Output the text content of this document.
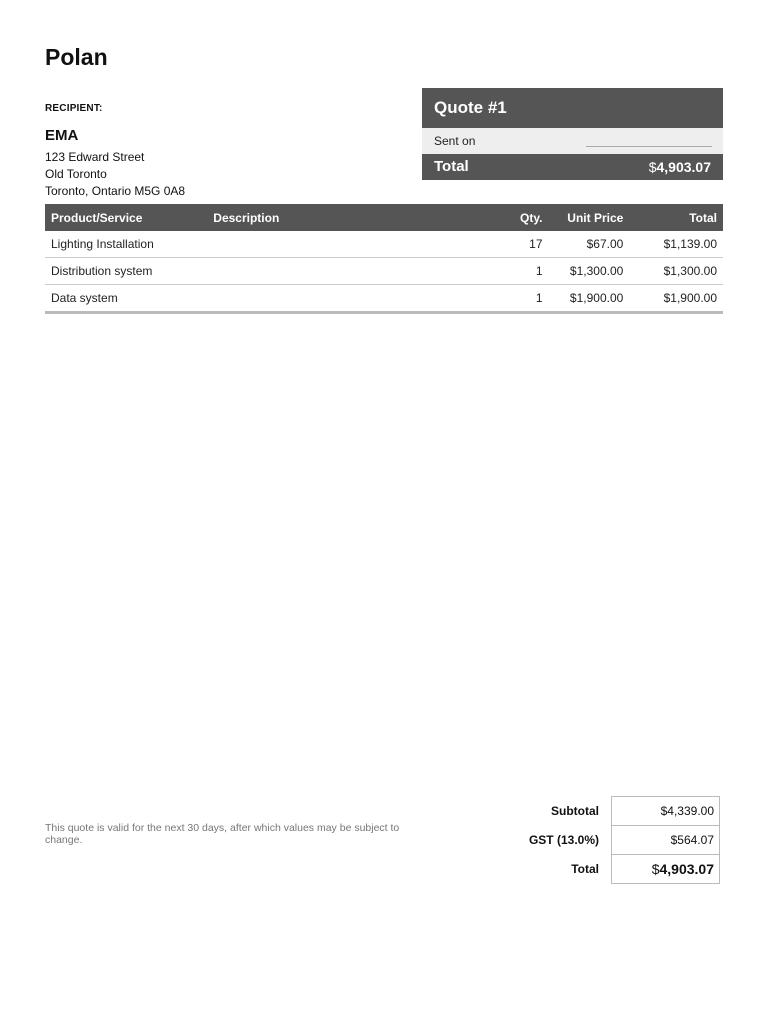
Polan
RECIPIENT:
EMA
123 Edward Street
Old Toronto
Toronto, Ontario M5G 0A8
Quote #1
Sent on
Total	$4,903.07
Product/Service	Description	Qty.	Unit Price	Total
Lighting Installation		17	$67.00	$1,139.00
Distribution system		1	$1,300.00	$1,300.00
Data system		1	$1,900.00	$1,900.00
This quote is valid for the next 30 days, after which values may be subject to change.
Subtotal	$4,339.00
GST (13.0%)	$564.07
Total	$4,903.07
